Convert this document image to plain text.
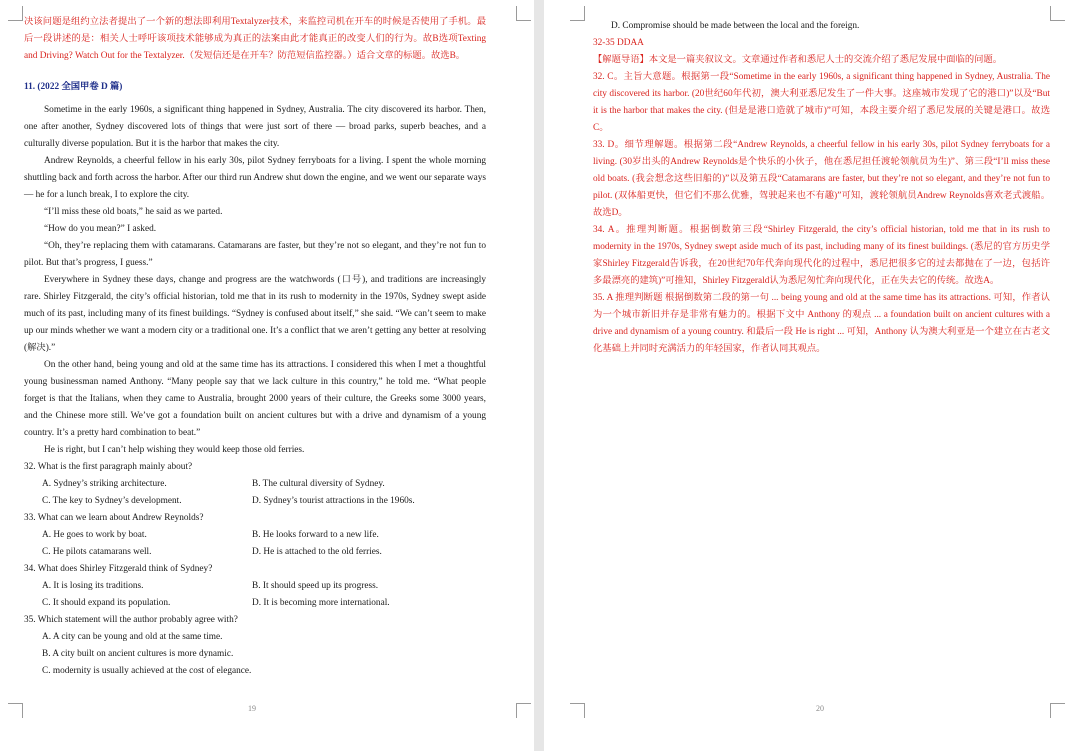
决该问题是组约立法者提出了一个新的想法即利用Textalyzer技术，来监控司机在开车的时候是否使用了手机。最后一段讲述的是：相关人士呼吁该项技术能够成为真正的法案由此才能真正的改变人们的行为。故B选项Texting and Driving? Watch Out for the Textalyzer.（发短信还是在开车？防范短信监控器。）适合文章的标题。故选B。

11. (2022 全国甲卷 D 篇)

Sometime in the early 1960s, a significant thing happened in Sydney, Australia. The city discovered its harbor. Then, one after another, Sydney discovered lots of things that were just sort of there — broad parks, superb beaches, and a culturally diverse population. But it is the harbor that makes the city.

Andrew Reynolds, a cheerful fellow in his early 30s, pilot Sydney ferryboats for a living. I spent the whole morning shuttling back and forth across the harbor. After our third run Andrew shut down the engine, and we went our separate ways — he for a lunch break, I to explore the city.

“I’ll miss these old boats,” he said as we parted.

“How do you mean?” I asked.

“Oh, they’re replacing them with catamarans. Catamarans are faster, but they’re not so elegant, and they’re not fun to pilot. But that’s progress, I guess.”

Everywhere in Sydney these days, change and progress are the watchwords (口号), and traditions are increasingly rare. Shirley Fitzgerald, the city’s official historian, told me that in its rush to modernity in the 1970s, Sydney swept aside much of its past, including many of its finest buildings. “Sydney is confused about itself,” she said. “We can’t seem to make up our minds whether we want a modern city or a traditional one. It’s a conflict that we aren’t getting any better at resolving (解决).”

On the other hand, being young and old at the same time has its attractions. I considered this when I met a thoughtful young businessman named Anthony. “Many people say that we lack culture in this country,” he told me. “What people forget is that the Italians, when they came to Australia, brought 2000 years of their culture, the Greeks some 3000 years, and the Chinese more still. We’ve got a foundation built on ancient cultures but with a drive and dynamism of a young country. It’s a pretty hard combination to beat.”

He is right, but I can’t help wishing they would keep those old ferries.

32. What is the first paragraph mainly about?

A. Sydney’s striking architecture.	B. The cultural diversity of Sydney.
C. The key to Sydney’s development.	D. Sydney’s tourist attractions in the 1960s.

33. What can we learn about Andrew Reynolds?

A. He goes to work by boat.	B. He looks forward to a new life.
C. He pilots catamarans well.	D. He is attached to the old ferries.

34. What does Shirley Fitzgerald think of Sydney?

A. It is losing its traditions.	B. It should speed up its progress.
C. It should expand its population.	D. It is becoming more international.

35. Which statement will the author probably agree with?

A. A city can be young and old at the same time.

B. A city built on ancient cultures is more dynamic.

C. modernity is usually achieved at the cost of elegance.

19

D. Compromise should be made between the local and the foreign.

32-35 DDAA

【解题导语】本文是一篇夹叙议文。文章通过作者和悉尼人士的交流介绍了悉尼发展中面临的问题。

32. C。主旨大意题。根据第一段“Sometime in the early 1960s, a significant thing happened in Sydney, Australia. The city discovered its harbor. (20世纪60年代初，澳大利亚悉尼发生了一件大事。这座城市发现了它的港口)”以及“But it is the harbor that makes the city. (但是是港口造就了城市)”可知，本段主要介绍了悉尼发展的关键是港口。故选C。

33. D。细节理解题。根据第二段“Andrew Reynolds, a cheerful fellow in his early 30s, pilot Sydney ferryboats for a living. (30岁出头的Andrew Reynolds是个快乐的小伙子，他在悉尼担任渡轮领航员为生)”、第三段“I’ll miss these old boats. (我会想念这些旧船的)”以及第五段“Catamarans are faster, but they’re not so elegant, and they’re not fun to pilot. (双体船更快，但它们不那么优雅，驾驶起来也不有趣)”可知，渡轮领航员Andrew Reynolds喜欢老式渡船。故选D。

34. A。推理判断题。根据倒数第三段“Shirley Fitzgerald, the city’s official historian, told me that in its rush to modernity in the 1970s, Sydney swept aside much of its past, including many of its finest buildings. (悉尼的官方历史学家Shirley Fitzgerald告诉我，在20世纪70年代奔向现代化的过程中，悉尼把很多它的过去都抛在了一边，包括许多最漂亮的建筑)”可推知，Shirley Fitzgerald认为悉尼匆忙奔向现代化，正在失去它的传统。故选A。

35. A 推理判断题 根据倒数第二段的第一句 ... being young and old at the same time has its attractions. 可知，作者认为一个城市新旧并存是非常有魅力的。根据下文中 Anthony 的观点 ... a foundation built on ancient cultures with a drive and dynamism of a young country. 和最后一段 He is right ... 可知，Anthony 认为澳大利亚是一个建立在古老文化基础上并同时充满活力的年轻国家，作者认同其观点。

20
